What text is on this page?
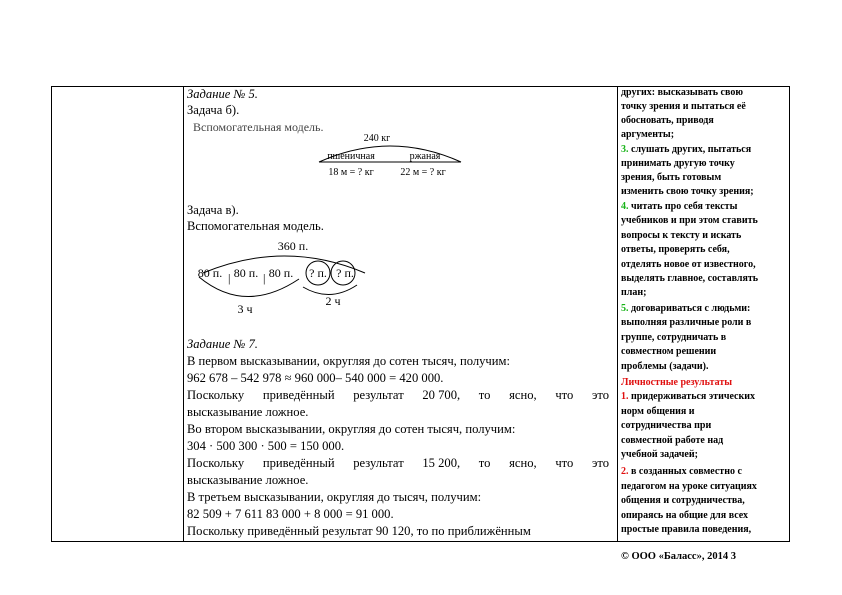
Задание № 5.
Задача б).
Вспомогательная модель.
240 кг
пшеничная	ржаная
18 м = ? кг	22 м = ? кг
Задача в).
Вспомогательная модель.
360 п.
80 п. | 80 п. | 80 п. ? п. ? п.
3 ч
2 ч
Задание № 7.
В первом высказывании, округляя до сотен тысяч, получим:
962 678 – 542 978 ≈ 960 000– 540 000 = 420 000.
Поскольку приведённый результат 20 700, то ясно, что это
высказывание ложное.
Во втором высказывании, округляя до сотен тысяч, получим:
304 · 500 300 · 500 = 150 000.
Поскольку приведённый результат 15 200, то ясно, что это
высказывание ложное.
В третьем высказывании, округляя до тысяч, получим:
82 509 + 7 611 83 000 + 8 000 = 91 000.
Поскольку приведённый результат 90 120, то по приближённым
других: высказывать свою
точку зрения и пытаться её
обосновать, приводя
аргументы;
3. слушать других, пытаться
принимать другую точку
зрения, быть готовым
изменить свою точку зрения;
4. читать про себя тексты
учебников и при этом ставить
вопросы к тексту и искать
ответы, проверять себя,
отделять новое от известного,
выделять главное, составлять
план;
5. договариваться с людьми:
выполняя различные роли в
группе, сотрудничать в
совместном решении
проблемы (задачи).
Личностные результаты
1. придерживаться этических
норм общения и
сотрудничества при
совместной работе над
учебной задачей;
2. в созданных совместно с
педагогом на уроке ситуациях
общения и сотрудничества,
опираясь на общие для всех
простые правила поведения,
© ООО «Баласс», 2014 3
